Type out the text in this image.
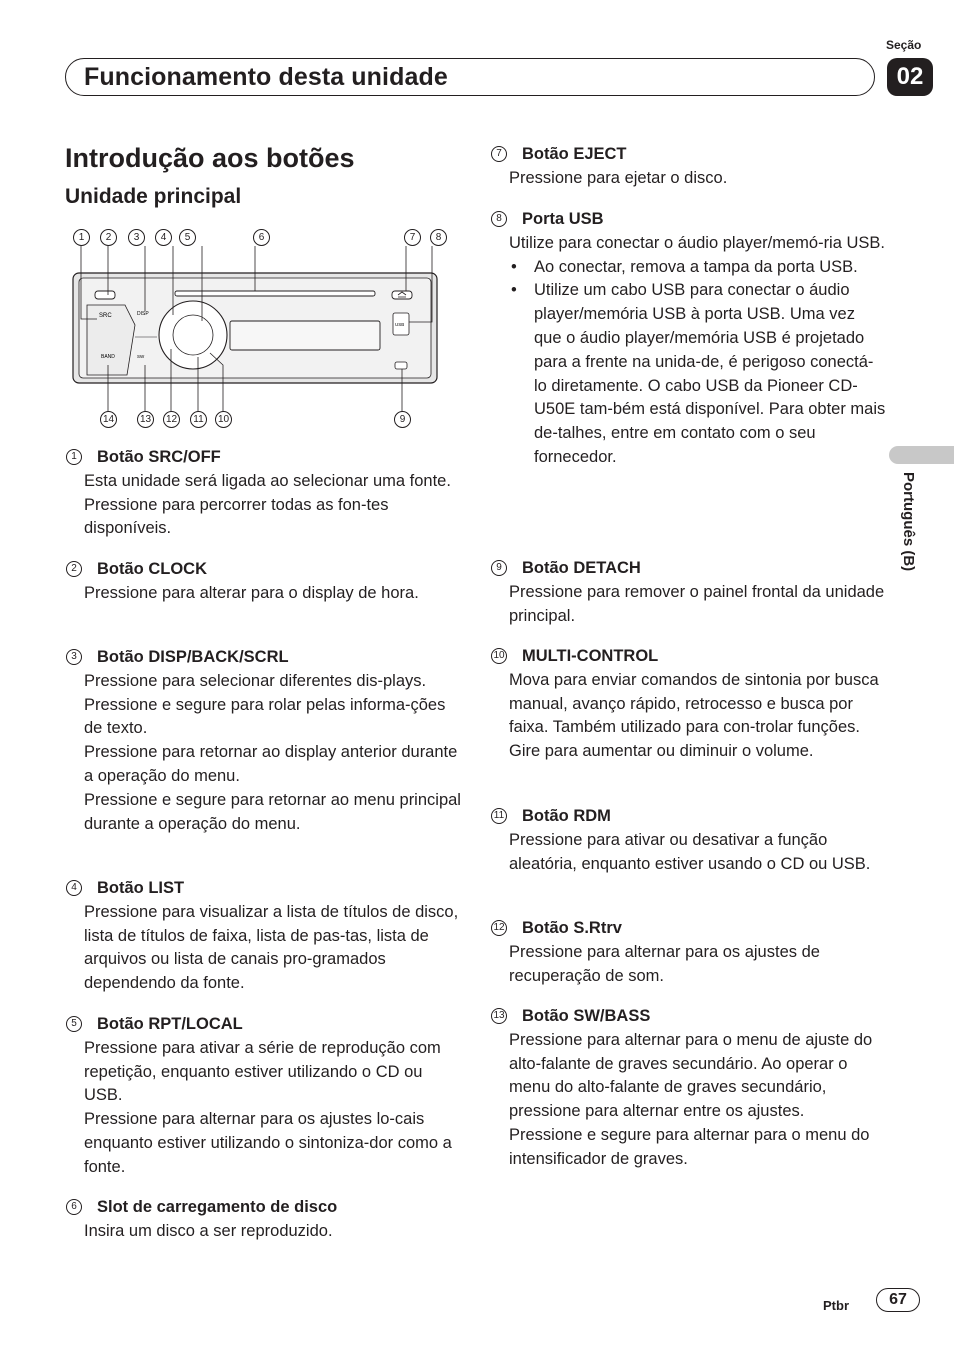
Funcionamento desta unidade
Seção
02
Português (B)
Introdução aos botões
Unidade principal
SRC
BAND
DISP
SW
USB
1	2	3	4	5	6	7	8
14	13 12	11	10	9
1	Botão SRC/OFF

Esta unidade será ligada ao selecionar uma fonte. Pressione para percorrer todas as fon-tes disponíveis.

2	Botão CLOCK

Pressione para alterar para o display de hora.

3	Botão DISP/BACK/SCRL

Pressione para selecionar diferentes dis-plays.

Pressione e segure para rolar pelas informa-ções de texto.

Pressione para retornar ao display anterior durante a operação do menu.

Pressione e segure para retornar ao menu principal durante a operação do menu.

4	Botão LIST

Pressione para visualizar a lista de títulos de disco, lista de títulos de faixa, lista de pas-tas, lista de arquivos ou lista de canais pro-gramados dependendo da fonte.

5	Botão RPT/LOCAL

Pressione para ativar a série de reprodução com repetição, enquanto estiver utilizando o CD ou USB.

Pressione para alternar para os ajustes lo-cais enquanto estiver utilizando o sintoniza-dor como a fonte.

6	Slot de carregamento de disco

Insira um disco a ser reproduzido.

7	Botão EJECT

Pressione para ejetar o disco.

8	Porta USB

Utilize para conectar o áudio player/memó-ria USB.

• Ao conectar, remova a tampa da porta USB.
• Utilize um cabo USB para conectar o áudio player/memória USB à porta USB. Uma vez que o áudio player/memória USB é projetado para a frente na unida-de, é perigoso conectá-lo diretamente. O cabo USB da Pioneer CD-U50E tam-bém está disponível. Para obter mais de-talhes, entre em contato com o seu fornecedor.
9	Botão DETACH

Pressione para remover o painel frontal da unidade principal.

10	MULTI-CONTROL

Mova para enviar comandos de sintonia por busca manual, avanço rápido, retrocesso e busca por faixa. Também utilizado para con-trolar funções.

Gire para aumentar ou diminuir o volume.

11	Botão RDM

Pressione para ativar ou desativar a função aleatória, enquanto estiver usando o CD ou USB.

12	Botão S.Rtrv

Pressione para alternar para os ajustes de recuperação de som.

13	Botão SW/BASS

Pressione para alternar para o menu de ajuste do alto-falante de graves secundário. Ao operar o menu do alto-falante de graves secundário, pressione para alternar entre os ajustes.

Pressione e segure para alternar para o menu do intensificador de graves.

Ptbr	67
